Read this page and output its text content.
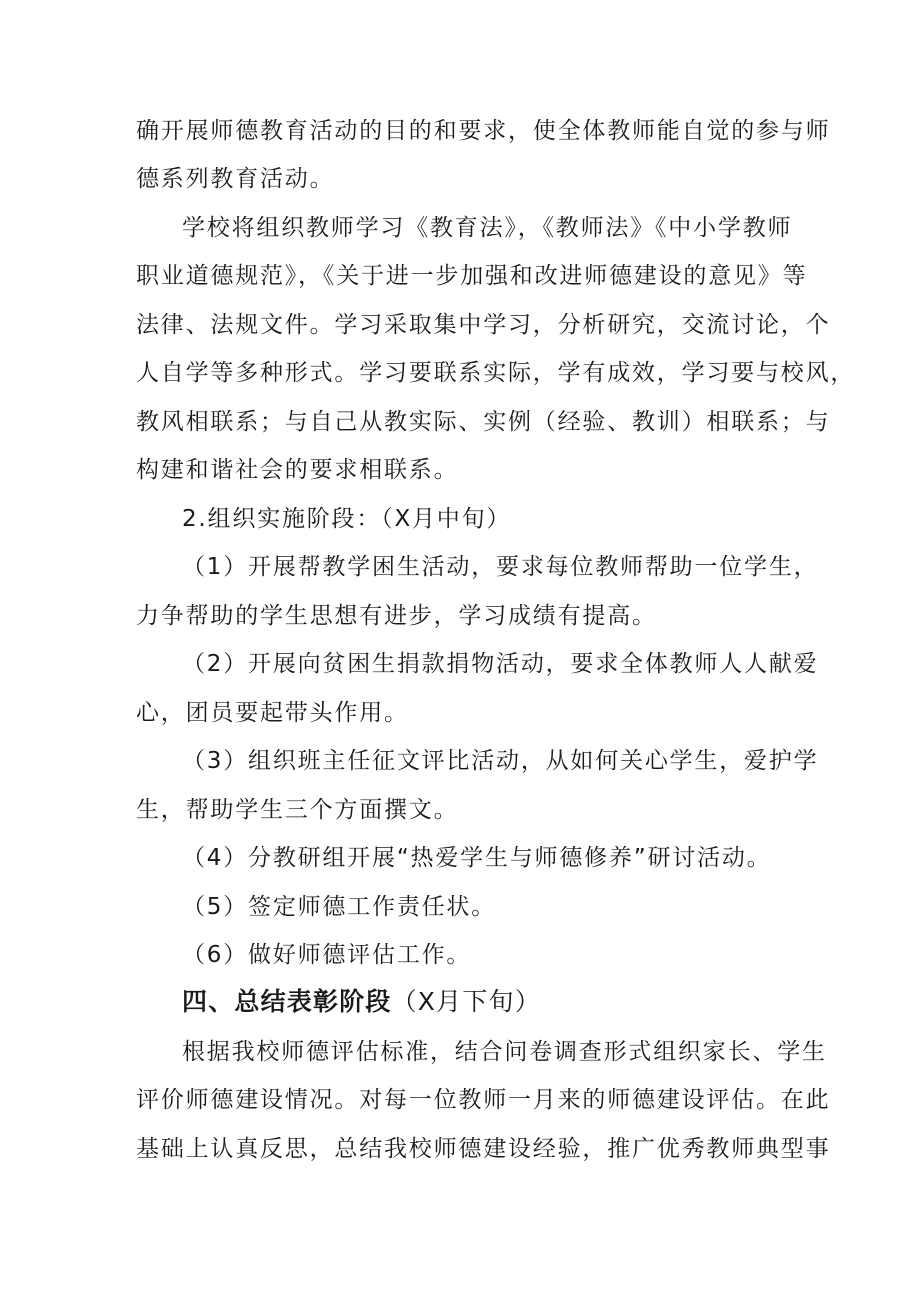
确开展师德教育活动的目的和要求，使全体教师能自觉的参与师

德系列教育活动。

学校将组织教师学习《教育法》，《教师法》《中小学教师

职业道德规范》，《关于进一步加强和改进师德建设的意见》等

法律、法规文件。学习采取集中学习，分析研究，交流讨论，个

人自学等多种形式。学习要联系实际，学有成效，学习要与校风，

教风相联系；与自己从教实际、实例（经验、教训）相联系；与

构建和谐社会的要求相联系。

2.组织实施阶段：（X月中旬）

（1）开展帮教学困生活动，要求每位教师帮助一位学生，

力争帮助的学生思想有进步，学习成绩有提高。

（2）开展向贫困生捐款捐物活动，要求全体教师人人献爱

心，团员要起带头作用。

（3）组织班主任征文评比活动，从如何关心学生，爱护学

生，帮助学生三个方面撰文。

（4）分教研组开展“热爱学生与师德修养”研讨活动。

（5）签定师德工作责任状。

（6）做好师德评估工作。

四、总结表彰阶段（X月下旬）

根据我校师德评估标准，结合问卷调查形式组织家长、学生

评价师德建设情况。对每一位教师一月来的师德建设评估。在此

基础上认真反思，总结我校师德建设经验，推广优秀教师典型事
